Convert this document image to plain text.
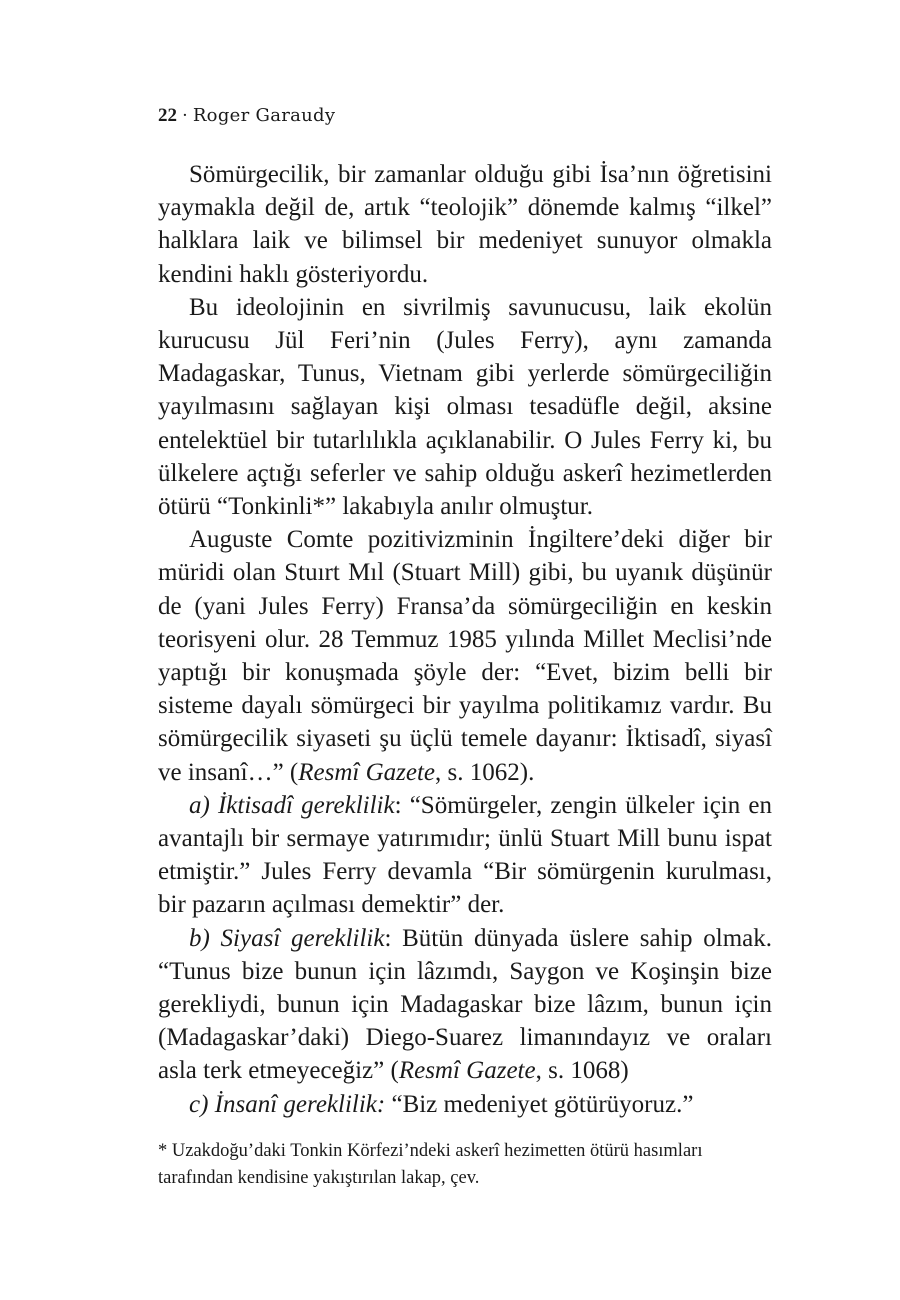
22 · Roger Garaudy

Sömürgecilik, bir zamanlar olduğu gibi İsa’nın öğretisini yaymakla değil de, artık “teolojik” dönemde kalmış “ilkel” halklara laik ve bilimsel bir medeniyet sunuyor olmakla kendini haklı gösteriyordu.

Bu ideolojinin en sivrilmiş savunucusu, laik ekolün kurucusu Jül Feri’nin (Jules Ferry), aynı zamanda Madagaskar, Tunus, Vietnam gibi yerlerde sömürgeciliğin yayılmasını sağlayan kişi olması tesadüfle değil, aksine entelektüel bir tutarlılıkla açıklanabilir. O Jules Ferry ki, bu ülkelere açtığı seferler ve sahip olduğu askerî hezimetlerden ötürü “Tonkinli*” lakabıyla anılır olmuştur.

Auguste Comte pozitivizminin İngiltere’deki diğer bir müridi olan Stuırt Mıl (Stuart Mill) gibi, bu uyanık düşünür de (yani Jules Ferry) Fransa’da sömürgeciliğin en keskin teorisyeni olur. 28 Temmuz 1985 yılında Millet Meclisi’nde yaptığı bir konuşmada şöyle der: “Evet, bizim belli bir sisteme dayalı sömürgeci bir yayılma politikamız vardır. Bu sömürgecilik siyaseti şu üçlü temele dayanır: İktisadî, siyasî ve insanî…” (Resmî Gazete, s. 1062).

a) İktisadî gereklilik: “Sömürgeler, zengin ülkeler için en avantajlı bir sermaye yatırımıdır; ünlü Stuart Mill bunu ispat etmiştir.” Jules Ferry devamla “Bir sömürgenin kurulması, bir pazarın açılması demektir” der.

b) Siyasî gereklilik: Bütün dünyada üslere sahip olmak. “Tunus bize bunun için lâzımdı, Saygon ve Koşinşin bize gerekliydi, bunun için Madagaskar bize lâzım, bunun için (Madagaskar’daki) Diego-Suarez limanındayız ve oraları asla terk etmeyeceğiz” (Resmî Gazete, s. 1068)

c) İnsanî gereklilik: “Biz medeniyet götürüyoruz.”

* Uzakdoğu’daki Tonkin Körfezi’ndeki askerî hezimetten ötürü hasımları tarafından kendisine yakıştırılan lakap, çev.
